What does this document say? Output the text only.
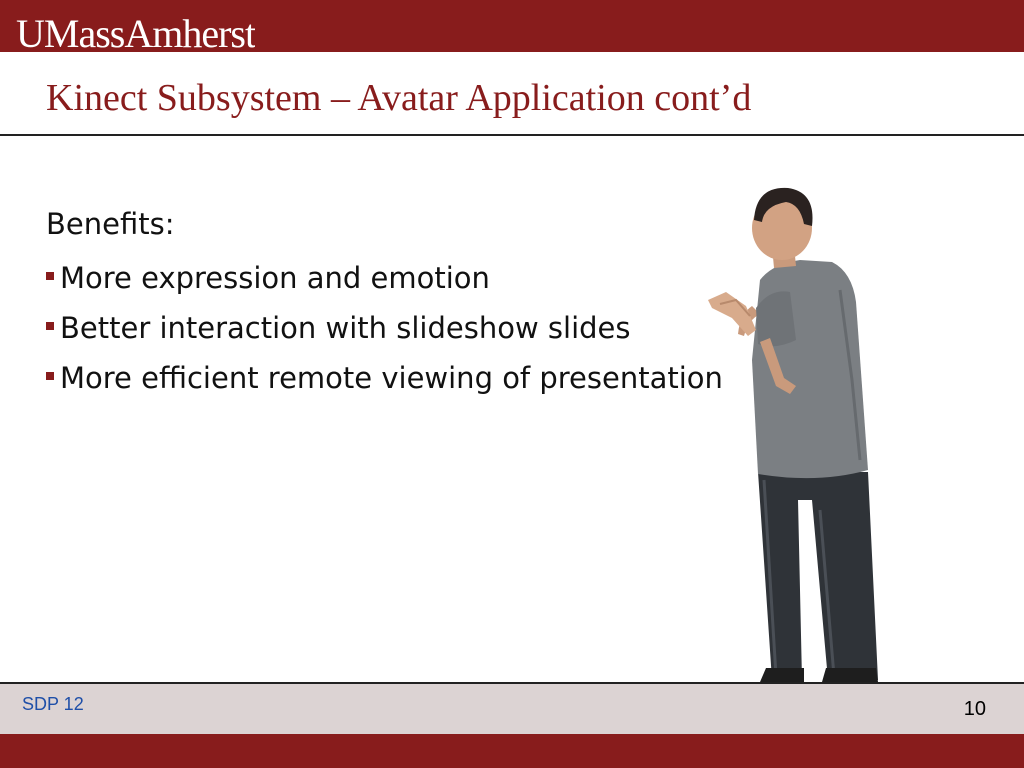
UMassAmherst
Kinect Subsystem – Avatar Application cont’d
Benefits:
More expression and emotion
Better interaction with slideshow slides
More efficient remote viewing of presentation
SDP 12	10
